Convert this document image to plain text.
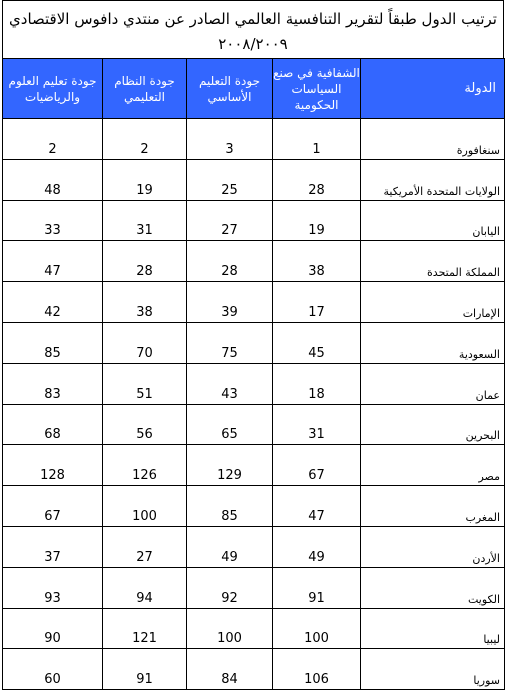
ترتيب الدول طبقاً لتقرير التنافسية العالمي الصادر عن منتدي دافوس الاقتصادي
٢٠٠٨/٢٠٠٩
جودة تعليم العلوم والرياضيات	جودة النظام التعليمي	جودة التعليم الأساسي	الشفافية في صنع السياسات الحكومية	الدولة
2	2	3	1	سنغافورة
48	19	25	28	الولايات المتحدة الأمريكية
33	31	27	19	اليابان
47	28	28	38	المملكة المتحدة
42	38	39	17	الإمارات
85	70	75	45	السعودية
83	51	43	18	عمان
68	56	65	31	البحرين
128	126	129	67	مصر
67	100	85	47	المغرب
37	27	49	49	الأردن
93	94	92	91	الكويت
90	121	100	100	ليبيا
60	91	84	106	سوريا
